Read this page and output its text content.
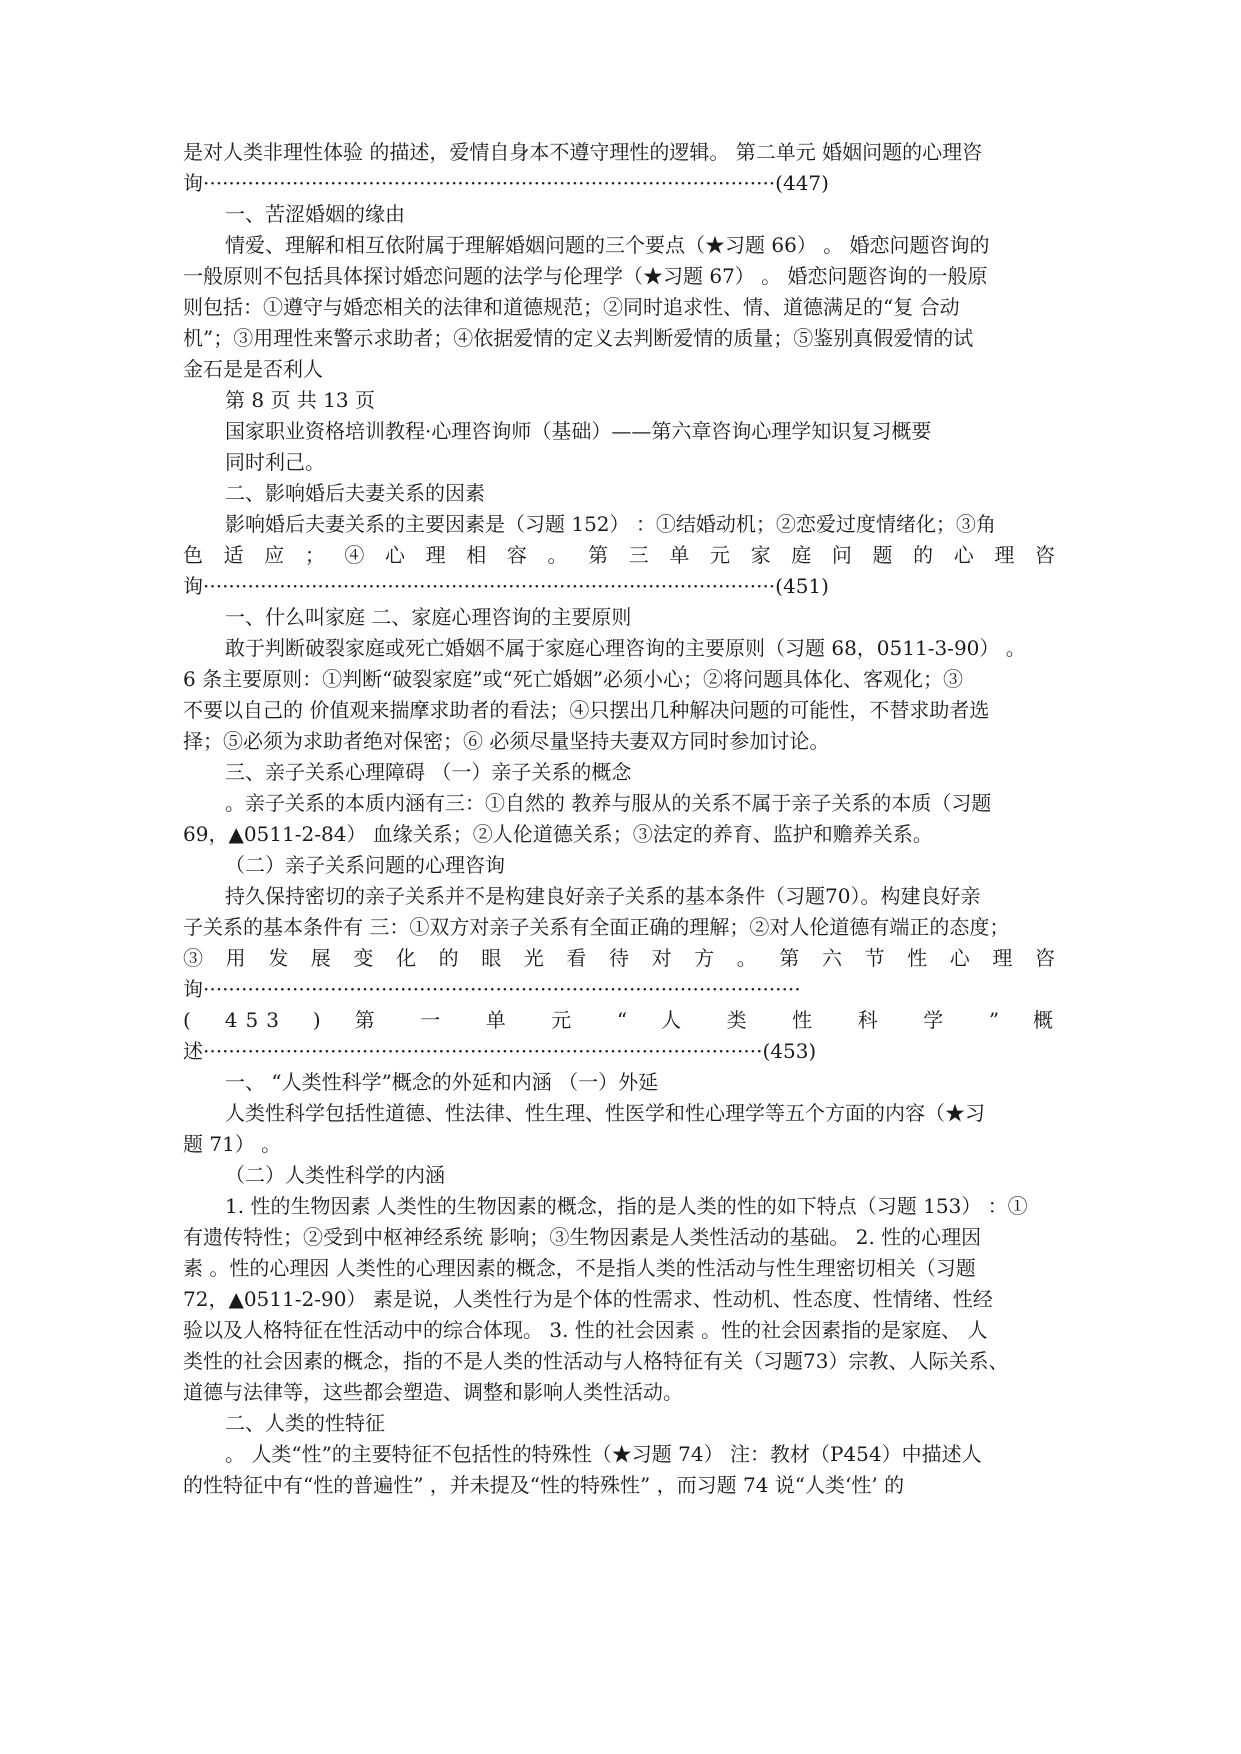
是对人类非理性体验 的描述，爱情自身本不遵守理性的逻辑。 第二单元 婚姻问题的心理咨
询··························································································(447)
一、苦涩婚姻的缘由
情爱、理解和相互依附属于理解婚姻问题的三个要点（★习题 66） 。 婚恋问题咨询的
一般原则不包括具体探讨婚恋问题的法学与伦理学（★习题 67） 。 婚恋问题咨询的一般原
则包括：①遵守与婚恋相关的法律和道德规范；②同时追求性、情、道德满足的“复 合动
机”；③用理性来警示求助者；④依据爱情的定义去判断爱情的质量；⑤鉴别真假爱情的试
金石是是否利人
第 8 页 共 13 页
国家职业资格培训教程·心理咨询师（基础）——第六章咨询心理学知识复习概要
同时利己。
二、影响婚后夫妻关系的因素
影响婚后夫妻关系的主要因素是（习题 152） ：①结婚动机；②恋爱过度情绪化；③角
色 适 应 ； ④ 心 理 相 容 。 第 三 单 元 家 庭 问 题 的 心 理 咨
询··························································································(451)
一、什么叫家庭 二、家庭心理咨询的主要原则
敢于判断破裂家庭或死亡婚姻不属于家庭心理咨询的主要原则（习题 68，0511-3-90） 。
6 条主要原则：①判断“破裂家庭”或“死亡婚姻”必须小心；②将问题具体化、客观化；③
不要以自己的 价值观来揣摩求助者的看法；④只摆出几种解决问题的可能性，不替求助者选
择；⑤必须为求助者绝对保密；⑥ 必须尽量坚持夫妻双方同时参加讨论。
三、亲子关系心理障碍 （一）亲子关系的概念
。亲子关系的本质内涵有三：①自然的 教养与服从的关系不属于亲子关系的本质（习题
69，▲0511-2-84） 血缘关系；②人伦道德关系；③法定的养育、监护和赡养关系。
（二）亲子关系问题的心理咨询
持久保持密切的亲子关系并不是构建良好亲子关系的基本条件（习题70）。构建良好亲
子关系的基本条件有 三：①双方对亲子关系有全面正确的理解；②对人伦道德有端正的态度；
③ 用 发 展 变 化 的 眼 光 看 待 对 方 。 第 六 节 性 心 理 咨
询······························································································
( 453 ) 第 一 单 元 “ 人 类 性 科 学 ” 概
述························································································(453)
一、 “人类性科学”概念的外延和内涵 （一）外延
人类性科学包括性道德、性法律、性生理、性医学和性心理学等五个方面的内容（★习
题 71） 。
（二）人类性科学的内涵
1. 性的生物因素 人类性的生物因素的概念，指的是人类的性的如下特点（习题 153） ：①
有遗传特性；②受到中枢神经系统 影响；③生物因素是人类性活动的基础。 2. 性的心理因
素 。性的心理因 人类性的心理因素的概念，不是指人类的性活动与性生理密切相关（习题
72，▲0511-2-90） 素是说，人类性行为是个体的性需求、性动机、性态度、性情绪、性经
验以及人格特征在性活动中的综合体现。 3. 性的社会因素 。性的社会因素指的是家庭、 人
类性的社会因素的概念，指的不是人类的性活动与人格特征有关（习题73）宗教、人际关系、
道德与法律等，这些都会塑造、调整和影响人类性活动。
二、人类的性特征
。 人类“性”的主要特征不包括性的特殊性（★习题 74） 注：教材（P454）中描述人
的性特征中有“性的普遍性” ，并未提及“性的特殊性” ，而习题 74 说“人类‘性’ 的
